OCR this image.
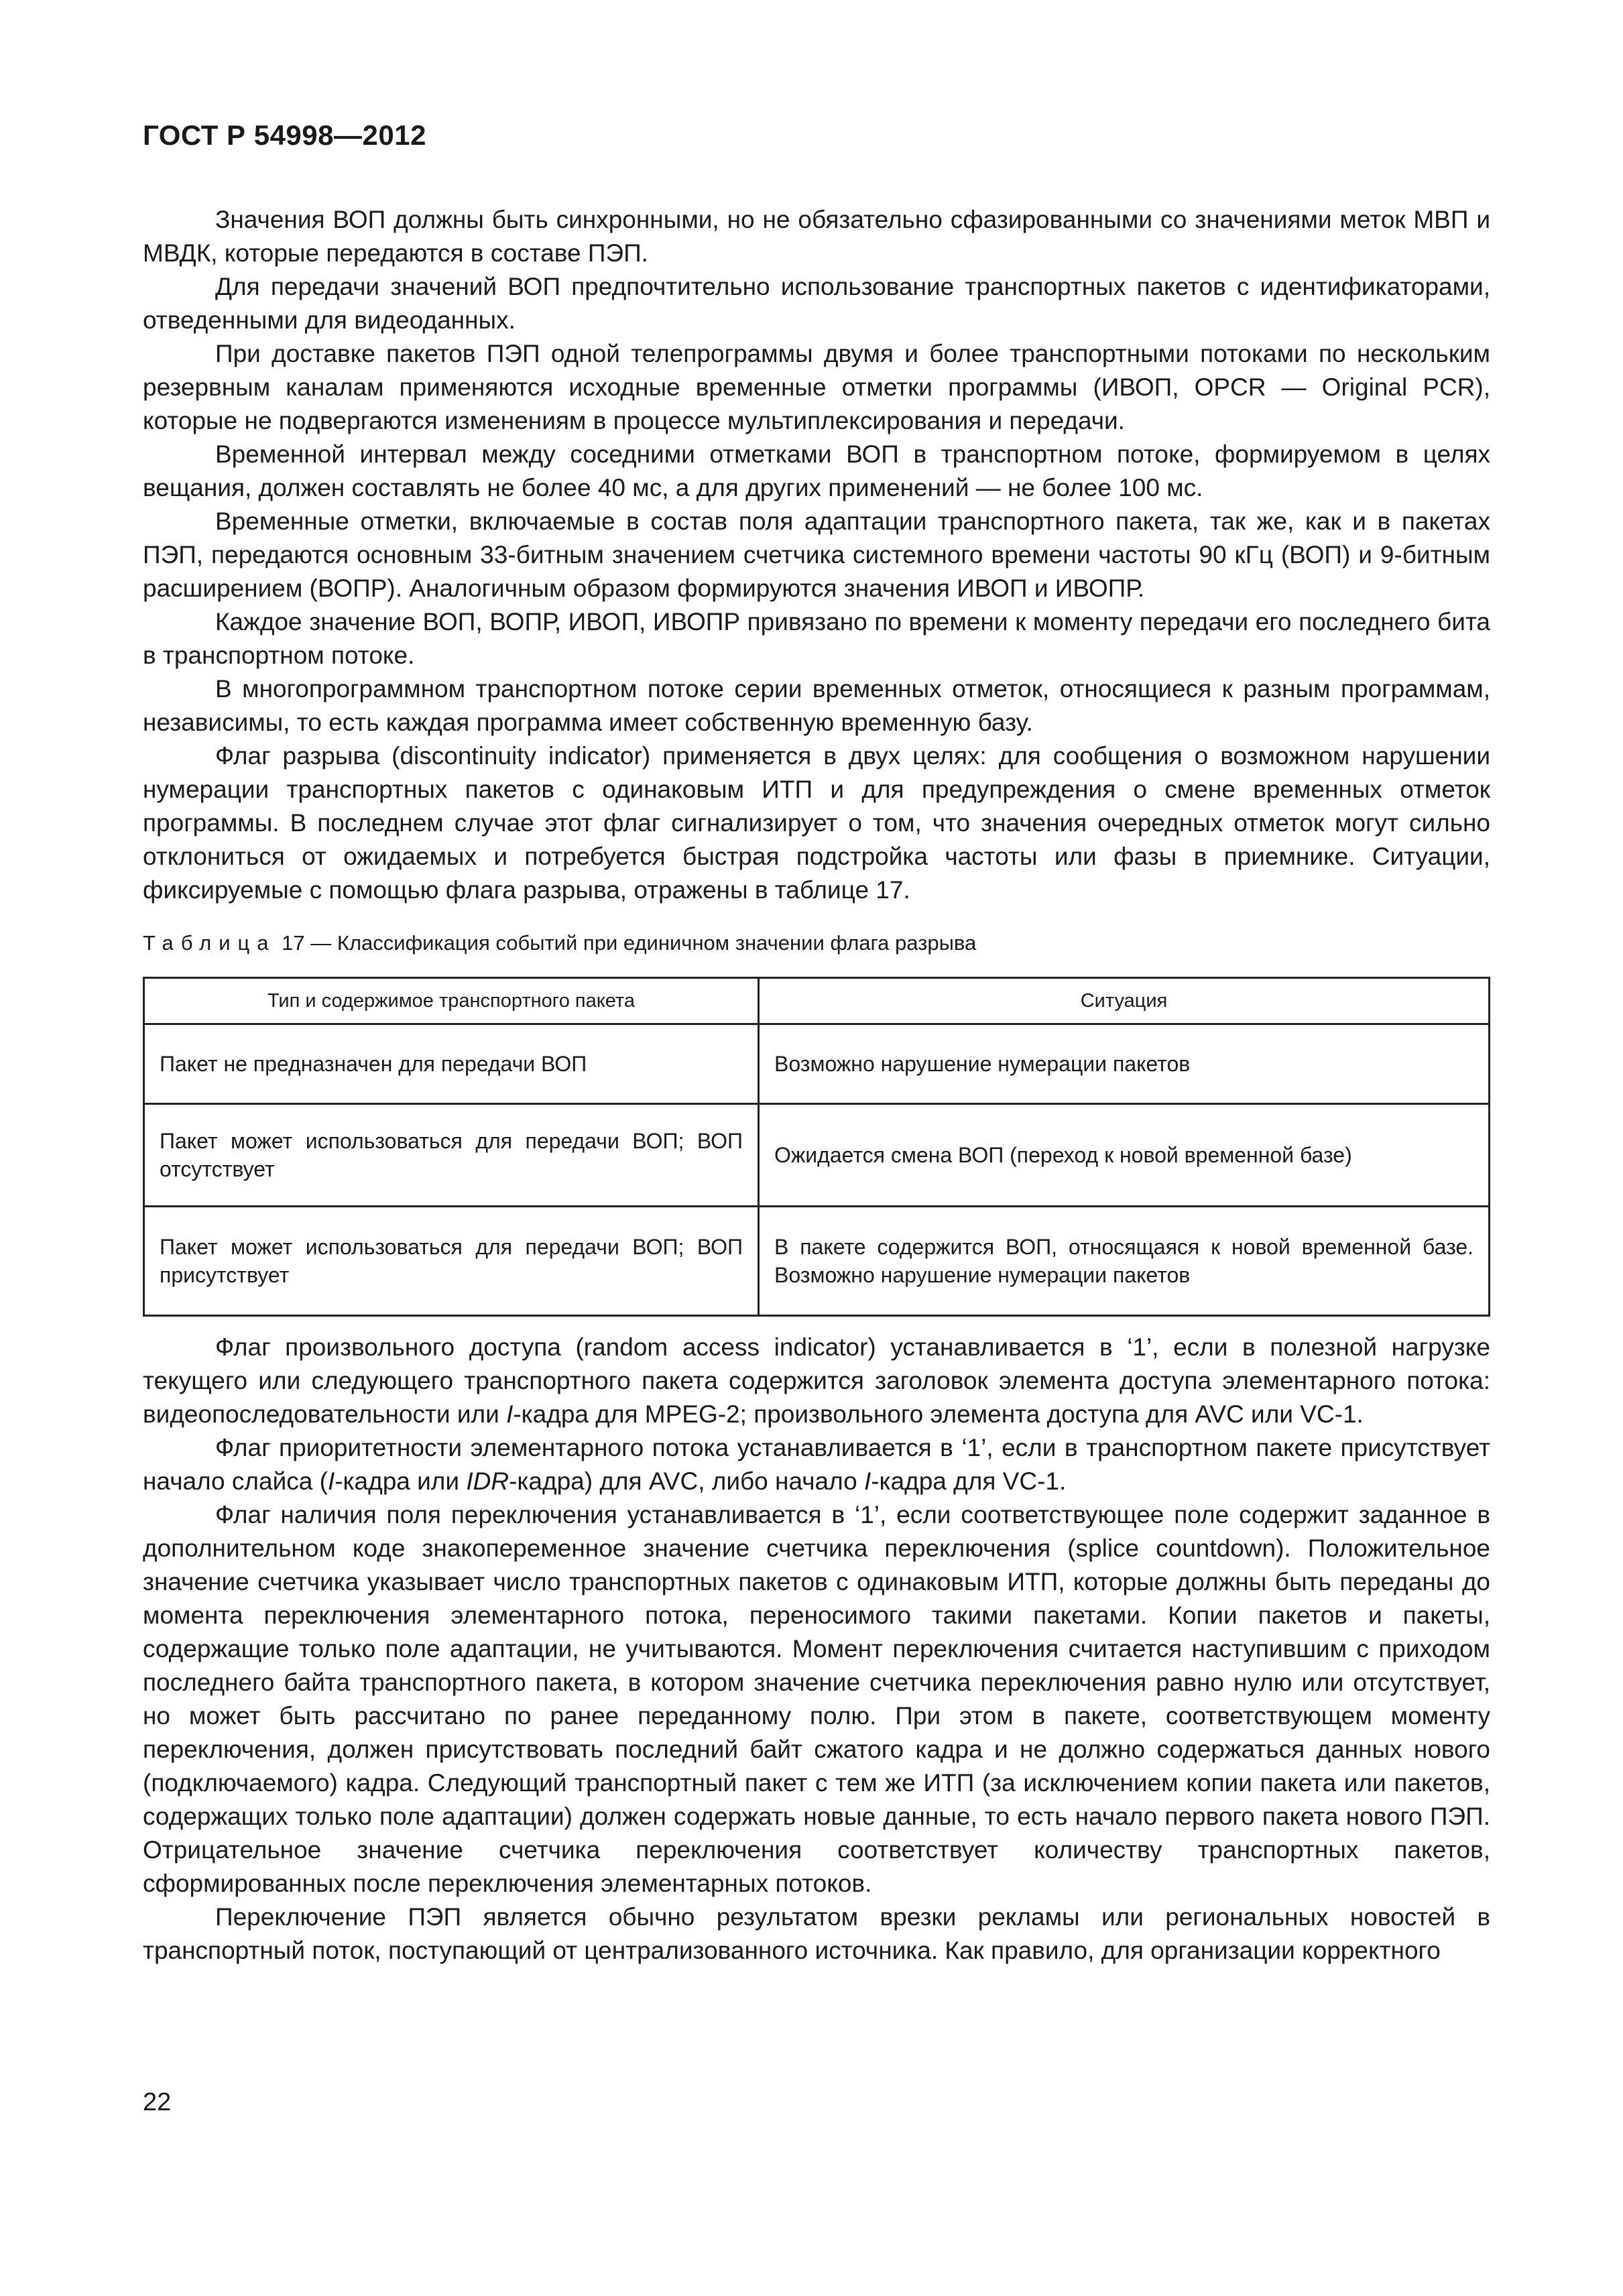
ГОСТ Р 54998—2012

Значения ВОП должны быть синхронными, но не обязательно сфазированными со значениями меток МВП и МВДК, которые передаются в составе ПЭП.

Для передачи значений ВОП предпочтительно использование транспортных пакетов с идентификаторами, отведенными для видеоданных.

При доставке пакетов ПЭП одной телепрограммы двумя и более транспортными потоками по нескольким резервным каналам применяются исходные временные отметки программы (ИВОП, OPCR — Original PCR), которые не подвергаются изменениям в процессе мультиплексирования и передачи.

Временной интервал между соседними отметками ВОП в транспортном потоке, формируемом в целях вещания, должен составлять не более 40 мс, а для других применений — не более 100 мс.

Временные отметки, включаемые в состав поля адаптации транспортного пакета, так же, как и в пакетах ПЭП, передаются основным 33-битным значением счетчика системного времени частоты 90 кГц (ВОП) и 9-битным расширением (ВОПР). Аналогичным образом формируются значения ИВОП и ИВОПР.

Каждое значение ВОП, ВОПР, ИВОП, ИВОПР привязано по времени к моменту передачи его последнего бита в транспортном потоке.

В многопрограммном транспортном потоке серии временных отметок, относящиеся к разным программам, независимы, то есть каждая программа имеет собственную временную базу.

Флаг разрыва (discontinuity indicator) применяется в двух целях: для сообщения о возможном нарушении нумерации транспортных пакетов с одинаковым ИТП и для предупреждения о смене временных отметок программы. В последнем случае этот флаг сигнализирует о том, что значения очередных отметок могут сильно отклониться от ожидаемых и потребуется быстрая подстройка частоты или фазы в приемнике. Ситуации, фиксируемые с помощью флага разрыва, отражены в таблице 17.

Таблица 17 — Классификация событий при единичном значении флага разрыва
Тип и содержимое транспортного пакета	Ситуация
Пакет не предназначен для передачи ВОП	Возможно нарушение нумерации пакетов
Пакет может использоваться для передачи ВОП; ВОП отсутствует	Ожидается смена ВОП (переход к новой временной базе)
Пакет может использоваться для передачи ВОП; ВОП присутствует	В пакете содержится ВОП, относящаяся к новой временной базе. Возможно нарушение нумерации пакетов

Флаг произвольного доступа (random access indicator) устанавливается в ‘1’, если в полезной нагрузке текущего или следующего транспортного пакета содержится заголовок элемента доступа элементарного потока: видеопоследовательности или I-кадра для MPEG-2; произвольного элемента доступа для AVC или VC-1.

Флаг приоритетности элементарного потока устанавливается в ‘1’, если в транспортном пакете присутствует начало слайса (I-кадра или IDR-кадра) для AVC, либо начало I-кадра для VC-1.

Флаг наличия поля переключения устанавливается в ‘1’, если соответствующее поле содержит заданное в дополнительном коде знакопеременное значение счетчика переключения (splice countdown). Положительное значение счетчика указывает число транспортных пакетов с одинаковым ИТП, которые должны быть переданы до момента переключения элементарного потока, переносимого такими пакетами. Копии пакетов и пакеты, содержащие только поле адаптации, не учитываются. Момент переключения считается наступившим с приходом последнего байта транспортного пакета, в котором значение счетчика переключения равно нулю или отсутствует, но может быть рассчитано по ранее переданному полю. При этом в пакете, соответствующем моменту переключения, должен присутствовать последний байт сжатого кадра и не должно содержаться данных нового (подключаемого) кадра. Следующий транспортный пакет с тем же ИТП (за исключением копии пакета или пакетов, содержащих только поле адаптации) должен содержать новые данные, то есть начало первого пакета нового ПЭП. Отрицательное значение счетчика переключения соответствует количеству транспортных пакетов, сформированных после переключения элементарных потоков.

Переключение ПЭП является обычно результатом врезки рекламы или региональных новостей в транспортный поток, поступающий от централизованного источника. Как правило, для организации корректного

22
